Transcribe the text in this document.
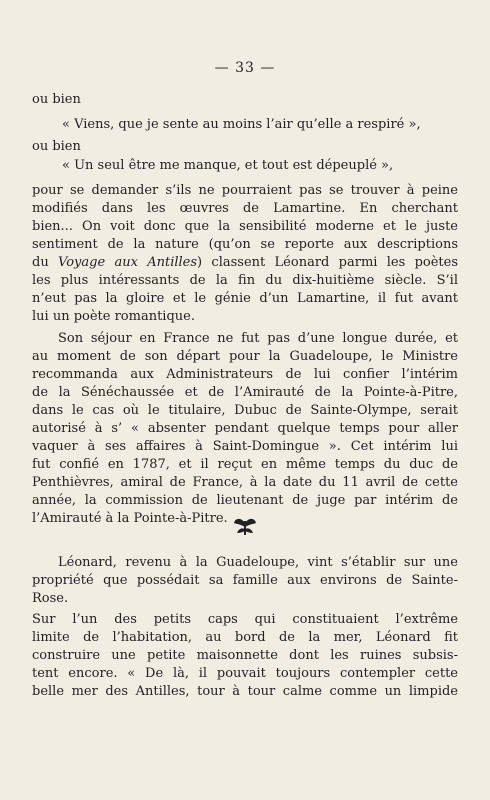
— 33 —
ou bien
« Viens, que je sente au moins l’air qu’elle a respiré »,
ou bien
« Un seul être me manque, et tout est dépeuplé »,
pour se demander s’ils ne pourraient pas se trouver à peine
modifiés dans les œuvres de Lamartine. En cherchant
bien... On voit donc que la sensibilité moderne et le juste
sentiment de la nature (qu’on se reporte aux descriptions
du Voyage aux Antilles) classent Léonard parmi les poètes
les plus intéressants de la fin du dix-huitième siècle. S’il
n’eut pas la gloire et le génie d’un Lamartine, il fut avant
lui un poète romantique.
Son séjour en France ne fut pas d’une longue durée, et
au moment de son départ pour la Guadeloupe, le Ministre
recommanda aux Administrateurs de lui confier l’intérim
de la Sénéchaussée et de l’Amirauté de la Pointe-à-Pitre,
dans le cas où le titulaire, Dubuc de Sainte-Olympe, serait
autorisé à s’ « absenter pendant quelque temps pour aller
vaquer à ses affaires à Saint-Domingue ». Cet intérim lui
fut confié en 1787, et il reçut en même temps du duc de
Penthièvres, amiral de France, à la date du 11 avril de cette
année, la commission de lieutenant de juge par intérim de
l’Amirauté à la Pointe-à-Pitre.
Léonard, revenu à la Guadeloupe, vint s’établir sur une
propriété que possédait sa famille aux environs de Sainte-
Rose.
Sur l’un des petits caps qui constituaient l’extrême
limite de l’habitation, au bord de la mer, Léonard fit
construire une petite maisonnette dont les ruines subsis-
tent encore. « De là, il pouvait toujours contempler cette
belle mer des Antilles, tour à tour calme comme un limpide
